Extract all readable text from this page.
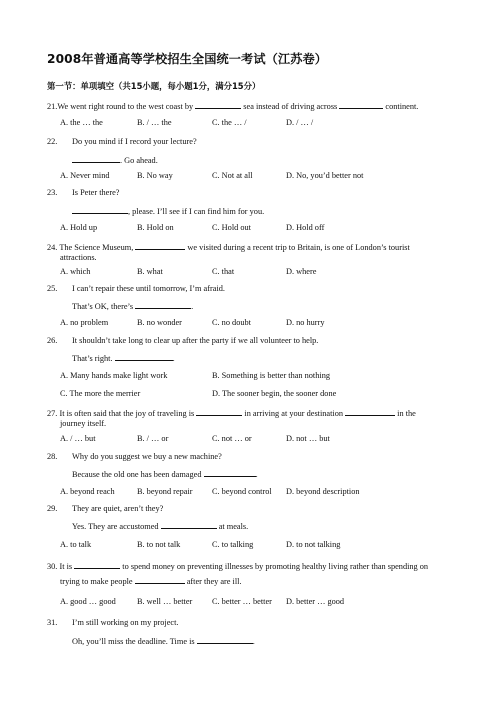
2008年普通高等学校招生全国统一考试（江苏卷）
第一节：单项填空（共15小题，每小题1分，满分15分）
21.We went right round to the west coast by	sea instead of driving across	continent.
A. the … the	B. / … the	C. the … /	D. / … /
22. Do you mind if I record your lecture?
. Go ahead.
A. Never mind	B. No way	C. Not at all	D. No, you’d better not
23. Is Peter there?
, please. I’ll see if I can find him for you.
A. Hold up	B. Hold on	C. Hold out	D. Hold off
24. The Science Museum,	we visited during a recent trip to Britain, is one of London’s tourist
attractions.
A. which	B. what	C. that	D. where
25. I can’t repair these until tomorrow, I’m afraid.
That’s OK, there’s	.
A. no problem	B. no wonder	C. no doubt	D. no hurry
26. It shouldn’t take long to clear up after the party if we all volunteer to help.
That’s right.	.
A. Many hands make light work	B. Something is better than nothing
C. The more the merrier	D. The sooner begin, the sooner done
27. It is often said that the joy of traveling is	in arriving at your destination	in the
journey itself.
A. / … but	B. / … or	C. not … or	D. not … but
28. Why do you suggest we buy a new machine?
Because the old one has been damaged	.
A. beyond reach	B. beyond repair C. beyond control D. beyond description
29. They are quiet, aren’t they?
Yes. They are accustomed	at meals.
A. to talk	B. to not talk	C. to talking	D. to not talking
30. It is	to spend money on preventing illnesses by promoting healthy living rather than spending on
trying to make people	after they are ill.
A. good … good	B. well … better C. better … better D. better … good
31. I’m still working on my project.
Oh, you’ll miss the deadline. Time is	.
